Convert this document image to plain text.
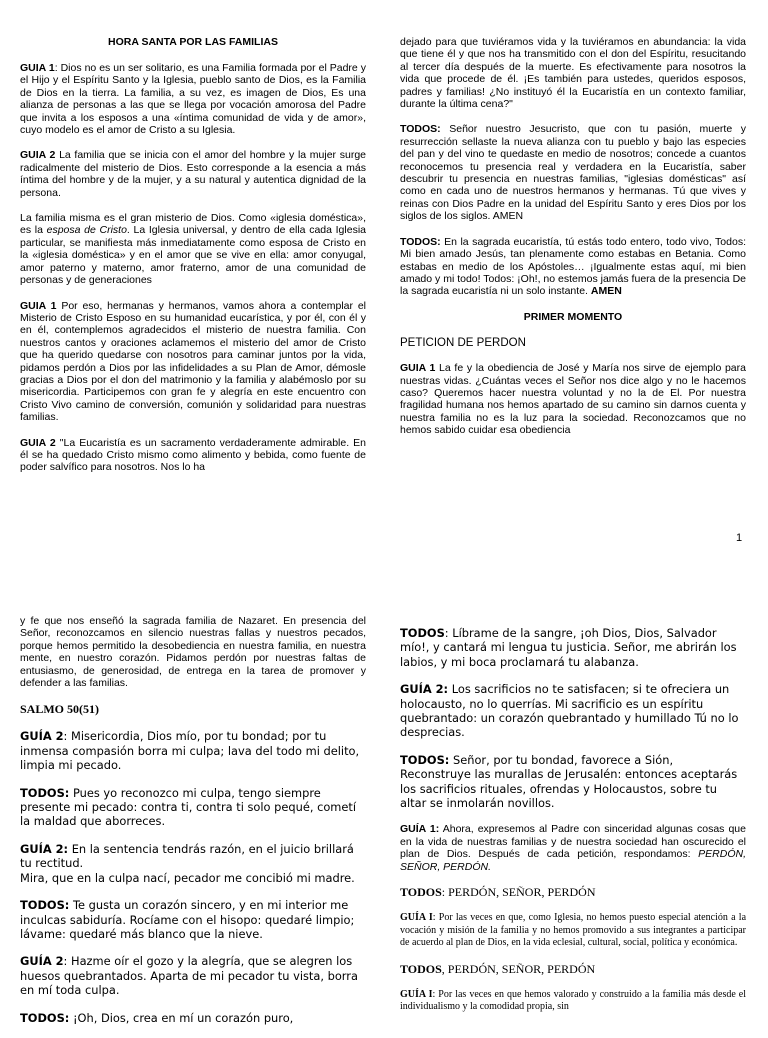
HORA SANTA POR LAS FAMILIAS

GUIA 1: Dios no es un ser solitario, es una Familia formada por el Padre y el Hijo y el Espíritu Santo y la Iglesia, pueblo santo de Dios, es la Familia de Dios en la tierra. La familia, a su vez, es imagen de Dios, Es una alianza de personas a las que se llega por vocación amorosa del Padre que invita a los esposos a una «íntima comunidad de vida y de amor», cuyo modelo es el amor de Cristo a su Iglesia.

GUIA 2 La familia que se inicia con el amor del hombre y la mujer surge radicalmente del misterio de Dios. Esto corresponde a la esencia a más íntima del hombre y de la mujer, y a su natural y autentica dignidad de la persona.

La familia misma es el gran misterio de Dios. Como «iglesia doméstica», es la esposa de Cristo. La Iglesia universal, y dentro de ella cada Iglesia particular, se manifiesta más inmediatamente como esposa de Cristo en la «iglesia doméstica» y en el amor que se vive en ella: amor conyugal, amor paterno y materno, amor fraterno, amor de una comunidad de personas y de generaciones

GUIA 1 Por eso, hermanas y hermanos, vamos ahora a contemplar el Misterio de Cristo Esposo en su humanidad eucarística, y por él, con él y en él, contemplemos agradecidos el misterio de nuestra familia. Con nuestros cantos y oraciones aclamemos el misterio del amor de Cristo que ha querido quedarse con nosotros para caminar juntos por la vida, pidamos perdón a Dios por las infidelidades a su Plan de Amor, démosle gracias a Dios por el don del matrimonio y la familia y alabémoslo por su misericordia. Participemos con gran fe y alegría en este encuentro con Cristo Vivo camino de conversión, comunión y solidaridad para nuestras familias.

GUIA 2 "La Eucaristía es un sacramento verdaderamente admirable. En él se ha quedado Cristo mismo como alimento y bebida, como fuente de poder salvífico para nosotros. Nos lo ha

dejado para que tuviéramos vida y la tuviéramos en abundancia: la vida que tiene él y que nos ha transmitido con el don del Espíritu, resucitando al tercer día después de la muerte. Es efectivamente para nosotros la vida que procede de él. ¡Es también para ustedes, queridos esposos, padres y familias! ¿No instituyó él la Eucaristía en un contexto familiar, durante la última cena?"

TODOS: Señor nuestro Jesucristo, que con tu pasión, muerte y resurrección sellaste la nueva alianza con tu pueblo y bajo las especies del pan y del vino te quedaste en medio de nosotros; concede a cuantos reconocemos tu presencia real y verdadera en la Eucaristía, saber descubrir tu presencia en nuestras familias, "iglesias domésticas" así como en cada uno de nuestros hermanos y hermanas. Tú que vives y reinas con Dios Padre en la unidad del Espíritu Santo y eres Dios por los siglos de los siglos. AMEN

TODOS: En la sagrada eucaristía, tú estás todo entero, todo vivo, Todos: Mi bien amado Jesús, tan plenamente como estabas en Betania. Como estabas en medio de los Apóstoles… ¡Igualmente estas aquí, mi bien amado y mi todo! Todos: ¡Oh!, no estemos jamás fuera de la presencia De la sagrada eucaristía ni un solo instante. AMEN

PRIMER MOMENTO

PETICION DE PERDON

GUIA 1 La fe y la obediencia de José y María nos sirve de ejemplo para nuestras vidas. ¿Cuántas veces el Señor nos dice algo y no le hacemos caso? Queremos hacer nuestra voluntad y no la de El. Por nuestra fragilidad humana nos hemos apartado de su camino sin darnos cuenta y nuestra familia no es la luz para la sociedad. Reconozcamos que no hemos sabido cuidar esa obediencia

1

y fe que nos enseñó la sagrada familia de Nazaret. En presencia del Señor, reconozcamos en silencio nuestras fallas y nuestros pecados, porque hemos permitido la desobediencia en nuestra familia, en nuestra mente, en nuestro corazón. Pidamos perdón por nuestras faltas de entusiasmo, de generosidad, de entrega en la tarea de promover y defender a las familias.

SALMO 50(51)

GUÍA 2: Misericordia, Dios mío, por tu bondad; por tu inmensa compasión borra mi culpa; lava del todo mi delito, limpia mi pecado.

TODOS: Pues yo reconozco mi culpa, tengo siempre presente mi pecado: contra ti, contra ti solo pequé, cometí la maldad que aborreces.

GUÍA 2: En la sentencia tendrás razón, en el juicio brillará tu rectitud.
Mira, que en la culpa nací, pecador me concibió mi madre.

TODOS: Te gusta un corazón sincero, y en mi interior me inculcas sabiduría. Rocíame con el hisopo: quedaré limpio; lávame: quedaré más blanco que la nieve.

GUÍA 2: Hazme oír el gozo y la alegría, que se alegren los huesos quebrantados. Aparta de mi pecador tu vista, borra en mí toda culpa.

TODOS: ¡Oh, Dios, crea en mí un corazón puro,

TODOS: Líbrame de la sangre, ¡oh Dios, Dios, Salvador mío!, y cantará mi lengua tu justicia. Señor, me abrirán los labios, y mi boca proclamará tu alabanza.

GUÍA 2: Los sacrificios no te satisfacen; si te ofreciera un holocausto, no lo querrías. Mi sacrificio es un espíritu quebrantado: un corazón quebrantado y humillado Tú no lo desprecias.

TODOS: Señor, por tu bondad, favorece a Sión, Reconstruye las murallas de Jerusalén: entonces aceptarás los sacrificios rituales, ofrendas y Holocaustos, sobre tu altar se inmolarán novillos.

GUÍA 1: Ahora, expresemos al Padre con sinceridad algunas cosas que en la vida de nuestras familias y de nuestra sociedad han oscurecido el plan de Dios. Después de cada petición, respondamos: PERDÓN, SEÑOR, PERDÓN.

TODOS: PERDÓN, SEÑOR, PERDÓN

GUÍA I: Por las veces en que, como Iglesia, no hemos puesto especial atención a la vocación y misión de la familia y no hemos promovido a sus integrantes a participar de acuerdo al plan de Dios, en la vida eclesial, cultural, social, política y económica.

TODOS, PERDÓN, SEÑOR, PERDÓN

GUÍA I: Por las veces en que hemos valorado y construido a la familia más desde el individualismo y la comodidad propia, sin
